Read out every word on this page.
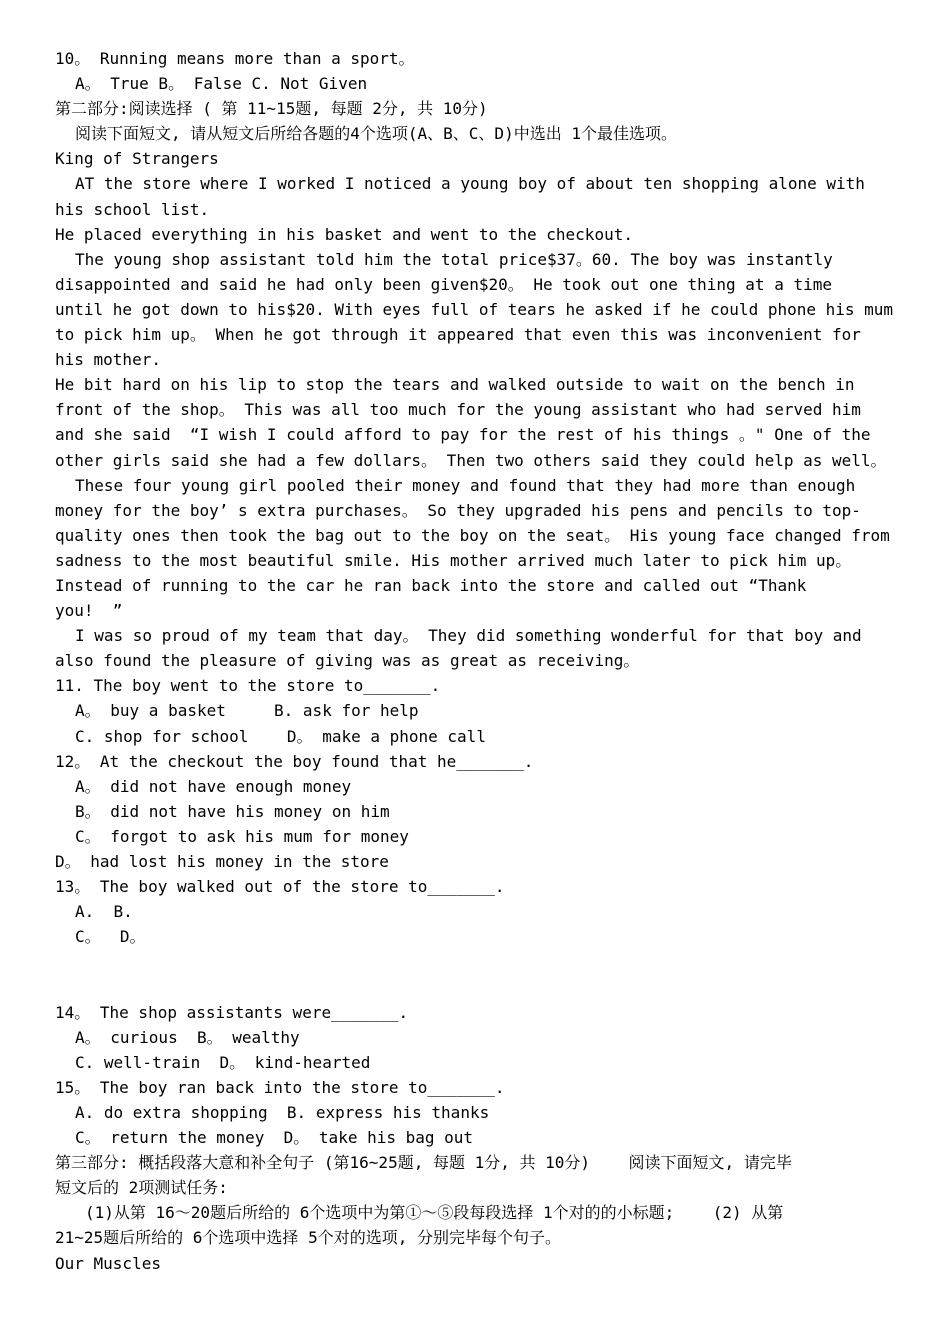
10。 Running means more than a sport。
A。 True B。 False C. Not Given
第二部分:阅读选择 ( 第 11~15题, 每题 2分, 共 10分)
阅读下面短文, 请从短文后所给各题的4个选项(A、B、C、D)中选出 1个最佳选项。
King of Strangers
AT the store where I worked I noticed a young boy of about ten shopping alone with
his school list.
He placed everything in his basket and went to the checkout.
The young shop assistant told him the total price$37。60. The boy was instantly
disappointed and said he had only been given$20。 He took out one thing at a time
until he got down to his$20. With eyes full of tears he asked if he could phone his mum
to pick him up。 When he got through it appeared that even this was inconvenient for
his mother.
He bit hard on his lip to stop the tears and walked outside to wait on the bench in
front of the shop。 This was all too much for the young assistant who had served him
and she said  “I wish I could afford to pay for the rest of his things 。" One of the
other girls said she had a few dollars。 Then two others said they could help as well。
These four young girl pooled their money and found that they had more than enough
money for the boy’ s extra purchases。 So they upgraded his pens and pencils to top-
quality ones then took the bag out to the boy on the seat。 His young face changed from
sadness to the most beautiful smile. His mother arrived much later to pick him up。
Instead of running to the car he ran back into the store and called out “Thank
you!  ”
I was so proud of my team that day。 They did something wonderful for that boy and
also found the pleasure of giving was as great as receiving。
11. The boy went to the store to_______.
A。 buy a basket     B. ask for help
C. shop for school    D。 make a phone call
12。 At the checkout the boy found that he_______.
A。 did not have enough money
B。 did not have his money on him
C。 forgot to ask his mum for money
D。 had lost his money in the store
13。 The boy walked out of the store to_______.
A.  B.
C。  D。
14。 The shop assistants were_______.
A。 curious  B。 wealthy
C. well-train  D。 kind-hearted
15。 The boy ran back into the store to_______.
A. do extra shopping  B. express his thanks
C。 return the money  D。 take his bag out
第三部分: 概括段落大意和补全句子 (第16~25题, 每题 1分, 共 10分)    阅读下面短文, 请完毕
短文后的 2项测试任务:
(1)从第 16～20题后所给的 6个选项中为第①～⑤段每段选择 1个对的的小标题;    (2) 从第
21~25题后所给的 6个选项中选择 5个对的选项, 分别完毕每个句子。
Our Muscles
